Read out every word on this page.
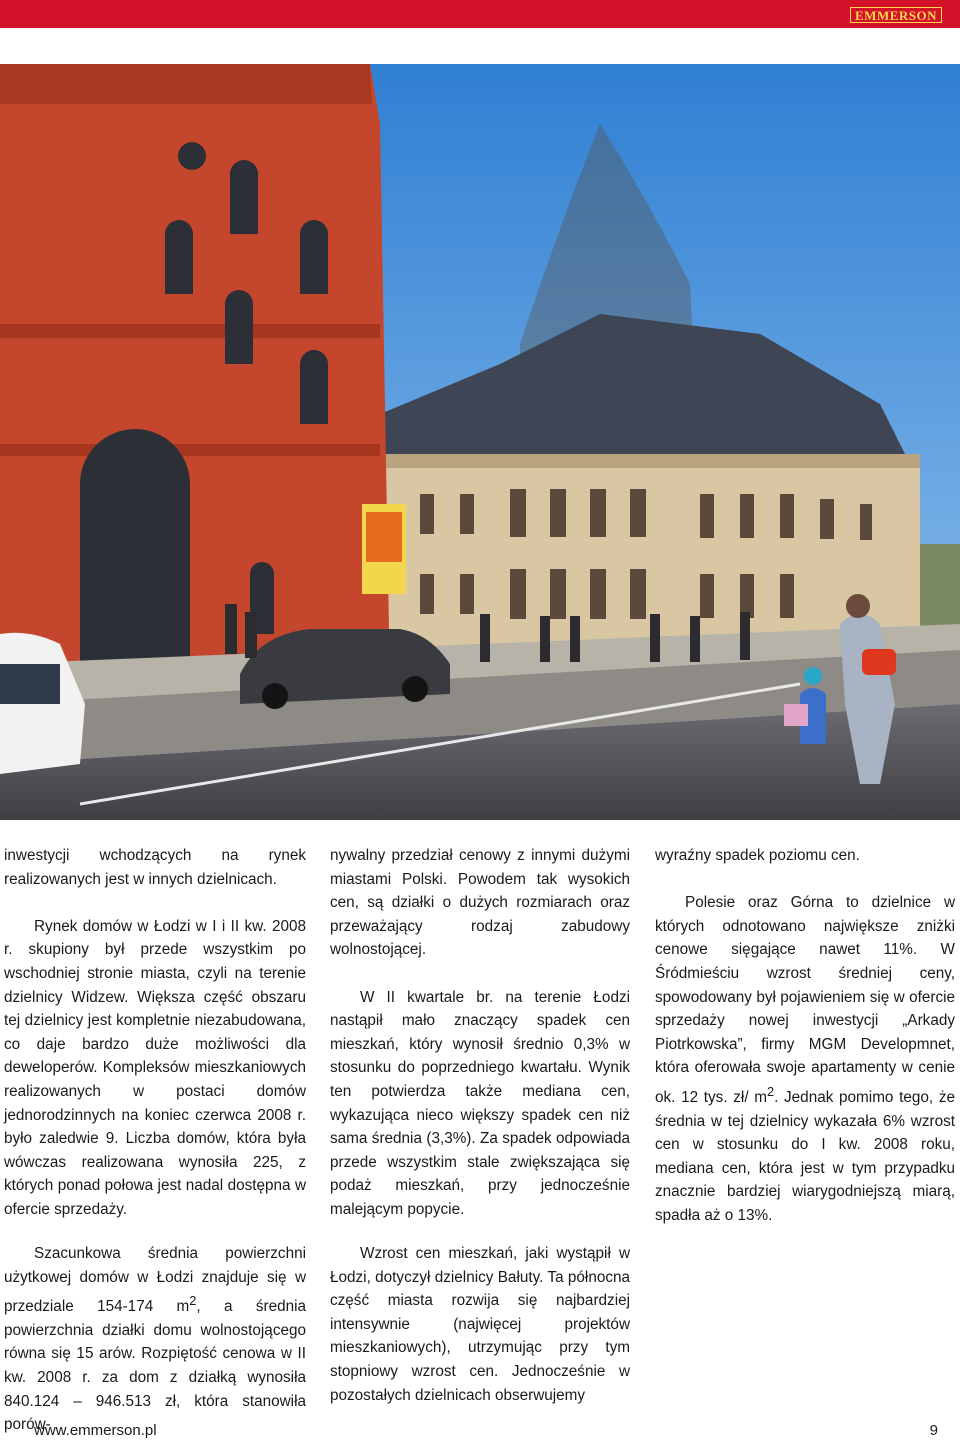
EMMERSON

inwestycji wchodzących na rynek realizowanych jest w innych dzielnicach.

Rynek domów w Łodzi w I i II kw. 2008 r. skupiony był przede wszystkim po wschodniej stronie miasta, czyli na terenie dzielnicy Widzew. Większa część obszaru tej dzielnicy jest kompletnie niezabudowana, co daje bardzo duże możliwości dla deweloperów. Kompleksów mieszkaniowych realizowanych w postaci domów jednorodzinnych na koniec czerwca 2008 r. było zaledwie 9. Liczba domów, która była wówczas realizowana wynosiła 225, z których ponad połowa jest nadal dostępna w ofercie sprzedaży.

nywalny przedział cenowy z innymi dużymi miastami Polski. Powodem tak wysokich cen, są działki o dużych rozmiarach oraz przeważający rodzaj zabudowy wolnostojącej.

W II kwartale br. na terenie Łodzi nastąpił mało znaczący spadek cen mieszkań, który wynosił średnio 0,3% w stosunku do poprzedniego kwartału. Wynik ten potwierdza także mediana cen, wykazująca nieco większy spadek cen niż sama średnia (3,3%). Za spadek odpowiada przede wszystkim stale zwiększająca się podaż mieszkań, przy jednocześnie malejącym popycie.

wyraźny spadek poziomu cen.

Polesie oraz Górna to dzielnice w których odnotowano największe zniżki cenowe sięgające nawet 11%. W Śródmieściu wzrost średniej ceny, spowodowany był pojawieniem się w ofercie sprzedaży nowej inwestycji „Arkady Piotrkowska”, firmy MGM Developmnet, która oferowała swoje apartamenty w cenie ok. 12 tys. zł/ $m^2$. Jednak pomimo tego, że średnia w tej dzielnicy wykazała 6% wzrost cen w stosunku do I kw. 2008 roku, mediana cen, która jest w tym przypadku znacznie bardziej wiarygodniejszą miarą, spadła aż o 13%.

Szacunkowa średnia powierzchni użytkowej domów w Łodzi znajduje się w przedziale 154-174 $m^2$, a średnia powierzchnia działki domu wolnostojącego równa się 15 arów. Rozpiętość cenowa w II kw. 2008 r. za dom z działką wynosiła 840.124 – 946.513 zł, która stanowiła porów-

Wzrost cen mieszkań, jaki wystąpił w Łodzi, dotyczył dzielnicy Bałuty. Ta północna część miasta rozwija się najbardziej intensywnie (najwięcej projektów mieszkaniowych), utrzymując przy tym stopniowy wzrost cen. Jednocześnie w pozostałych dzielnicach obserwujemy

www.emmerson.pl	9
